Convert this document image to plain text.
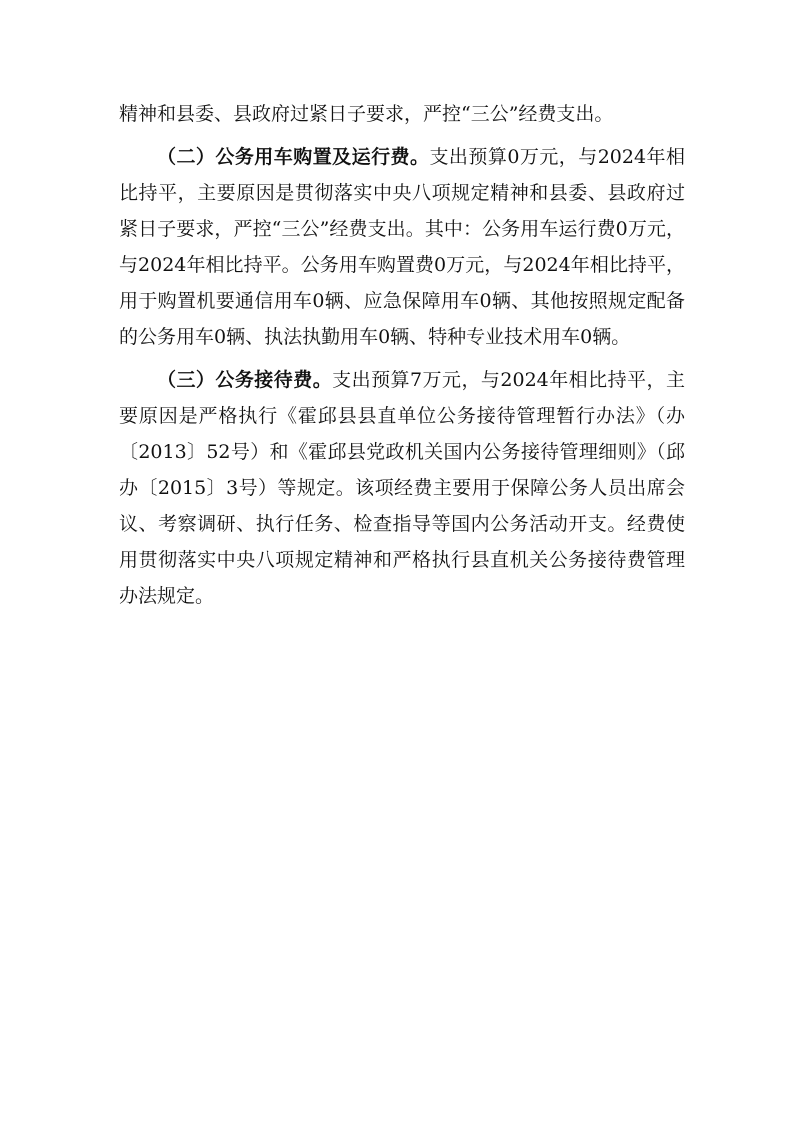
精神和县委、县政府过紧日子要求，严控“三公”经费支出。

（二）公务用车购置及运行费。支出预算0万元，与2024年相比持平，主要原因是贯彻落实中央八项规定精神和县委、县政府过紧日子要求，严控“三公”经费支出。其中：公务用车运行费0万元，与2024年相比持平。公务用车购置费0万元，与2024年相比持平，用于购置机要通信用车0辆、应急保障用车0辆、其他按照规定配备的公务用车0辆、执法执勤用车0辆、特种专业技术用车0辆。

（三）公务接待费。支出预算7万元，与2024年相比持平，主要原因是严格执行《霍邱县县直单位公务接待管理暂行办法》（办〔2013〕52号）和《霍邱县党政机关国内公务接待管理细则》（邱办〔2015〕3号）等规定。该项经费主要用于保障公务人员出席会议、考察调研、执行任务、检查指导等国内公务活动开支。经费使用贯彻落实中央八项规定精神和严格执行县直机关公务接待费管理办法规定。
